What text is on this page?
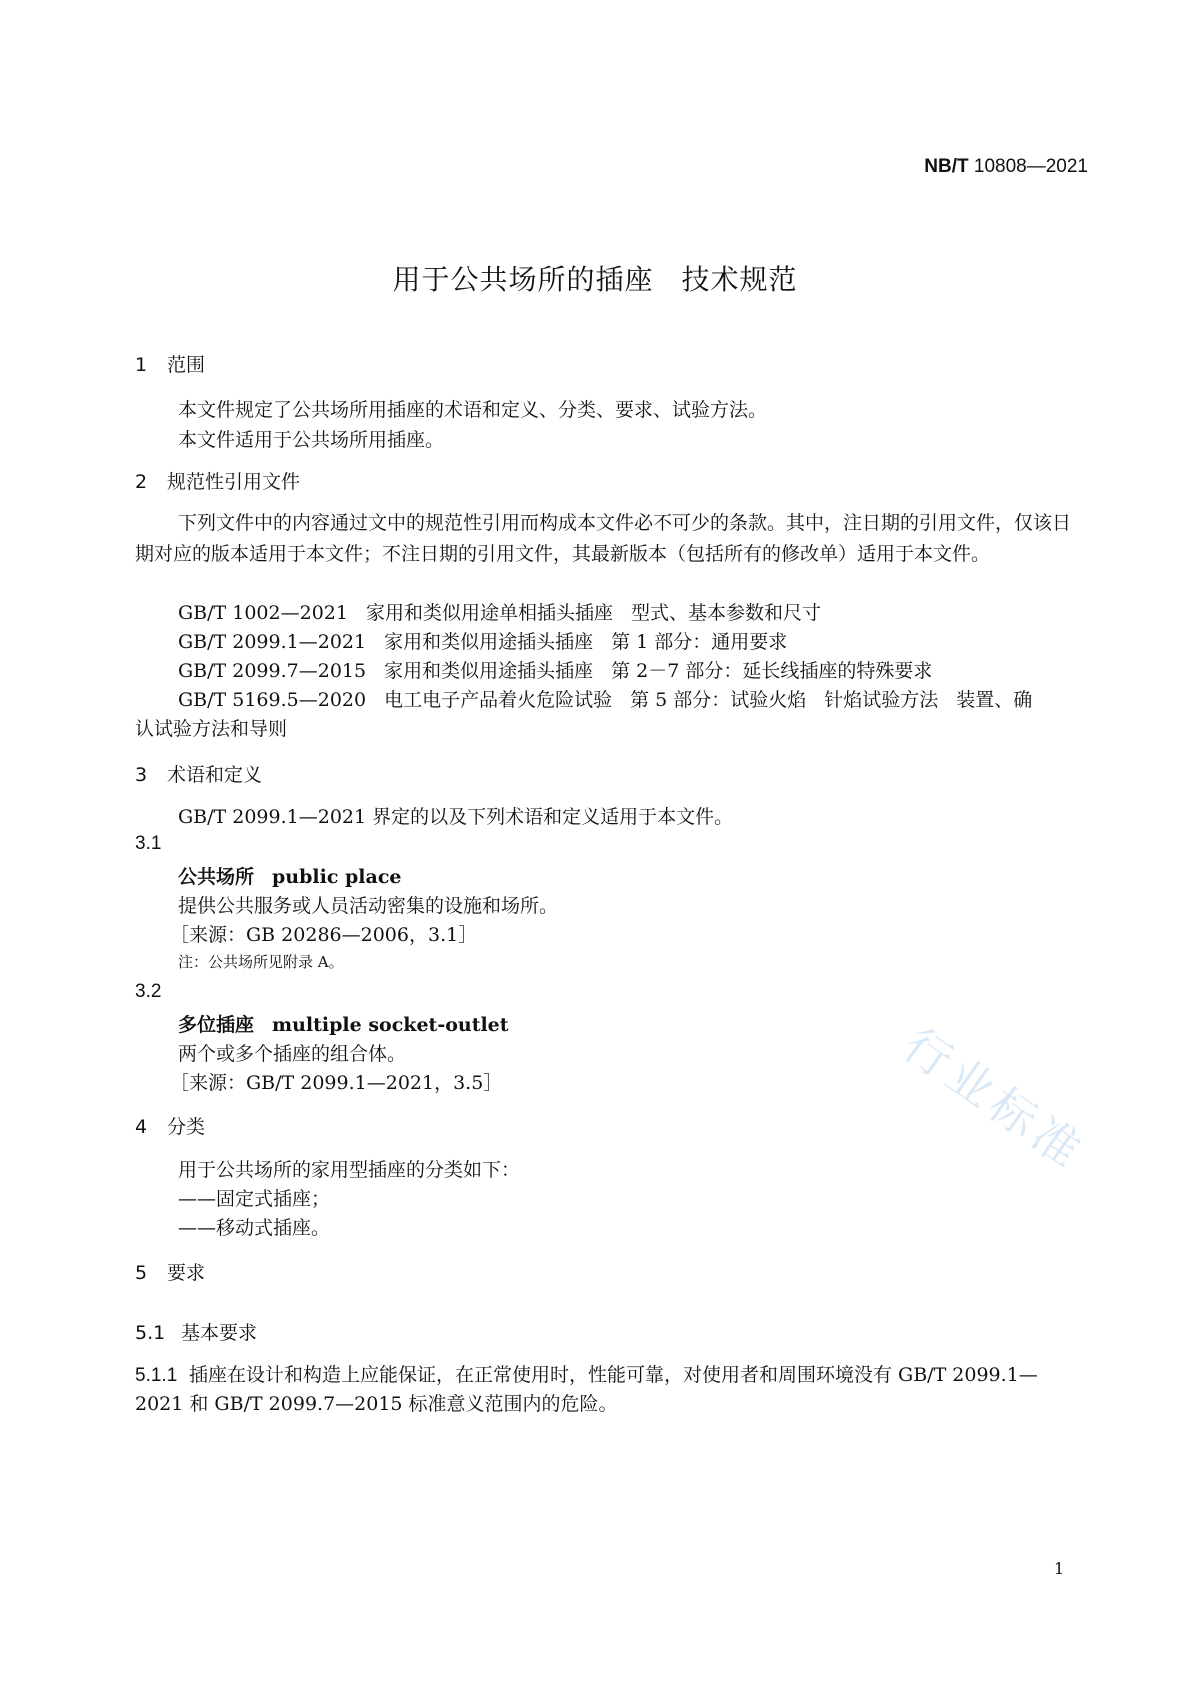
NB/T 10808—2021
用于公共场所的插座 技术规范
1 范围
本文件规定了公共场所用插座的术语和定义、分类、要求、试验方法。
本文件适用于公共场所用插座。
2 规范性引用文件
下列文件中的内容通过文中的规范性引用而构成本文件必不可少的条款。其中，注日期的引用文件，仅该日期对应的版本适用于本文件；不注日期的引用文件，其最新版本（包括所有的修改单）适用于本文件。
GB/T 1002—2021 家用和类似用途单相插头插座 型式、基本参数和尺寸
GB/T 2099.1—2021 家用和类似用途插头插座 第 1 部分：通用要求
GB/T 2099.7—2015 家用和类似用途插头插座 第 2－7 部分：延长线插座的特殊要求
GB/T 5169.5—2020 电工电子产品着火危险试验 第 5 部分：试验火焰 针焰试验方法 装置、确
认试验方法和导则
3 术语和定义
GB/T 2099.1—2021 界定的以及下列术语和定义适用于本文件。
3.1
公共场所 public place
提供公共服务或人员活动密集的设施和场所。
［来源：GB 20286—2006，3.1］
注：公共场所见附录 A。
3.2
多位插座 multiple socket-outlet
两个或多个插座的组合体。
［来源：GB/T 2099.1—2021，3.5］
4 分类
用于公共场所的家用型插座的分类如下：
——固定式插座；
——移动式插座。
5 要求
5.1 基本要求
5.1.1 插座在设计和构造上应能保证，在正常使用时，性能可靠，对使用者和周围环境没有 GB/T 2099.1—
2021 和 GB/T 2099.7—2015 标准意义范围内的危险。
行业标准
1
